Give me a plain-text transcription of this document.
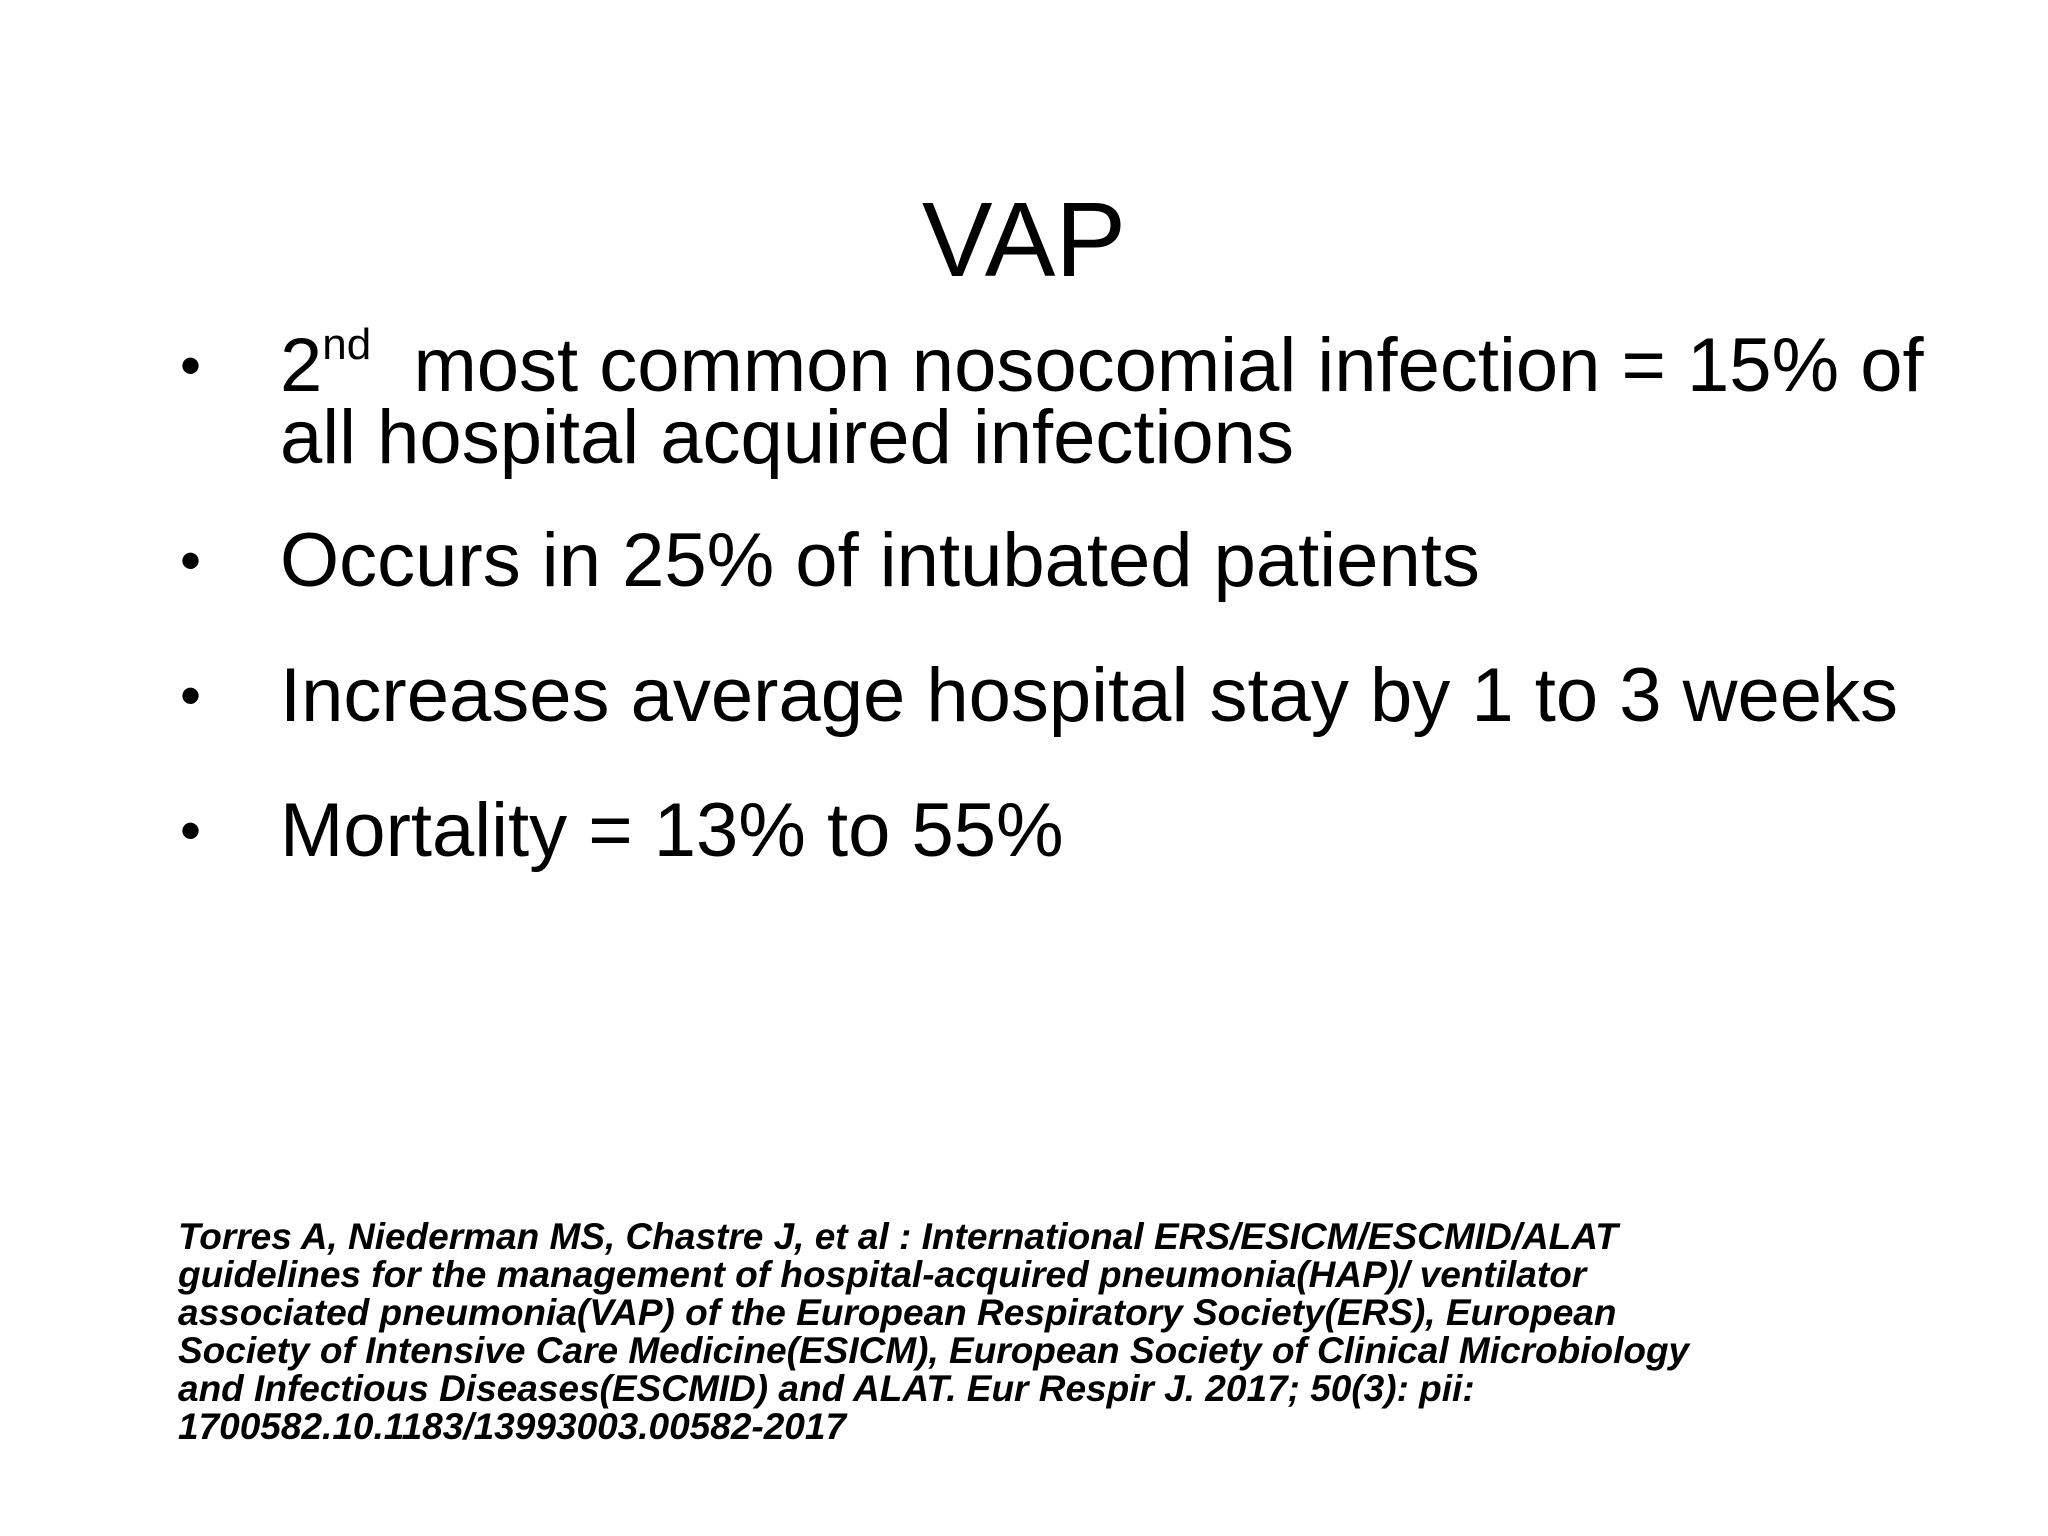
VAP
•	2nd  most common nosocomial infection = 15% of all hospital acquired infections
•	Occurs in 25% of intubated patients
•	Increases average hospital stay by 1 to 3 weeks
•	Mortality = 13% to 55%
Torres A, Niederman MS, Chastre J, et al : International ERS/ESICM/ESCMID/ALAT
guidelines for the management of hospital-acquired pneumonia(HAP)/ ventilator
associated pneumonia(VAP) of the European Respiratory Society(ERS), European
Society of Intensive Care Medicine(ESICM), European Society of Clinical Microbiology
and Infectious Diseases(ESCMID) and ALAT. Eur Respir J. 2017; 50(3): pii:
1700582.10.1183/13993003.00582-2017
